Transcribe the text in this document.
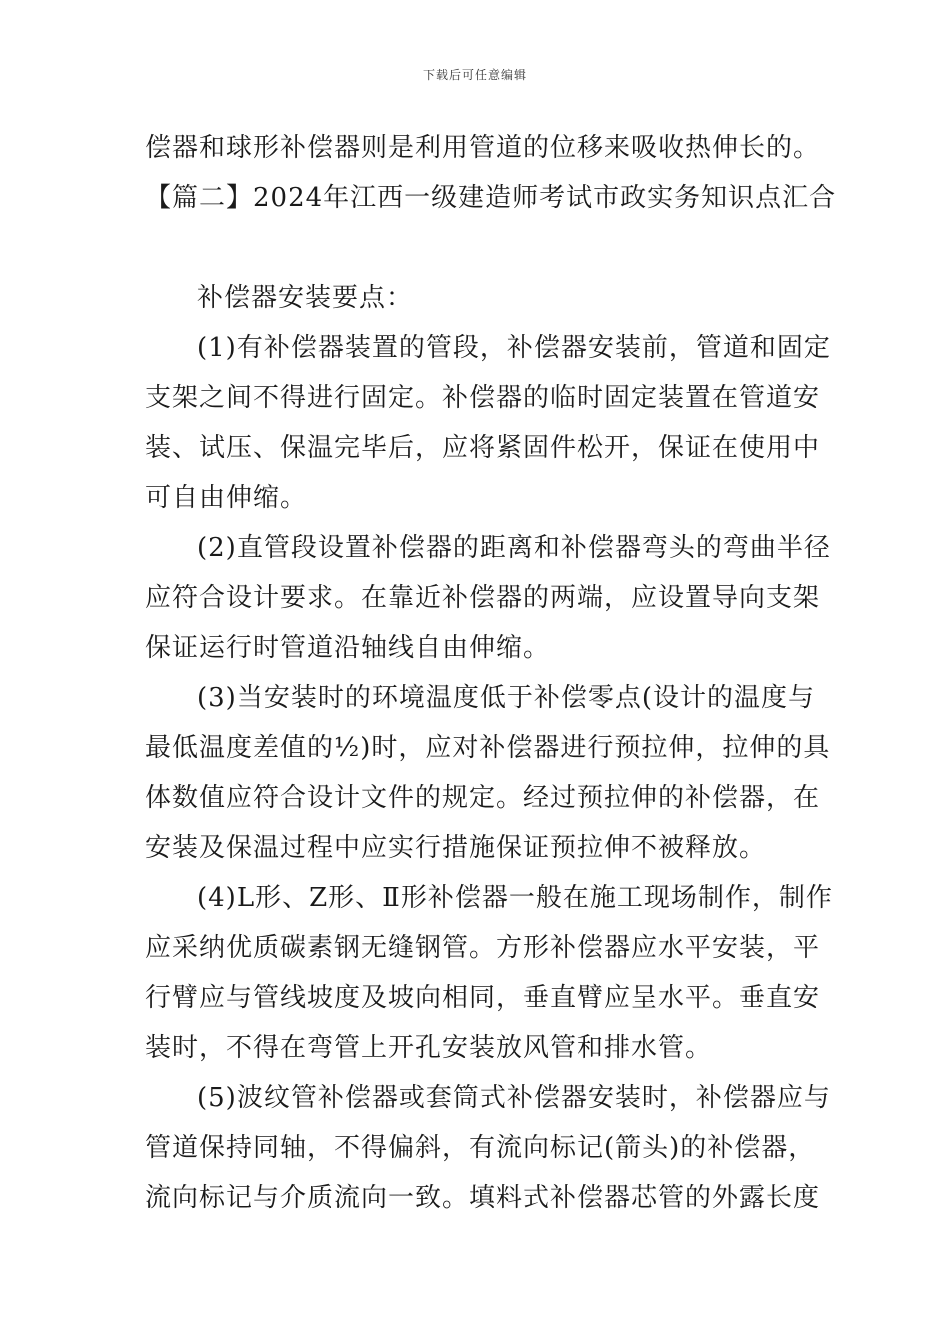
下载后可任意编辑
偿器和球形补偿器则是利用管道的位移来吸收热伸长的。
【篇二】2024年江西一级建造师考试市政实务知识点汇合
补偿器安装要点：
(1)有补偿器装置的管段，补偿器安装前，管道和固定
支架之间不得进行固定。补偿器的临时固定装置在管道安
装、试压、保温完毕后，应将紧固件松开，保证在使用中
可自由伸缩。
(2)直管段设置补偿器的距离和补偿器弯头的弯曲半径
应符合设计要求。在靠近补偿器的两端，应设置导向支架
保证运行时管道沿轴线自由伸缩。
(3)当安装时的环境温度低于补偿零点(设计的温度与
最低温度差值的½)时，应对补偿器进行预拉伸，拉伸的具
体数值应符合设计文件的规定。经过预拉伸的补偿器，在
安装及保温过程中应实行措施保证预拉伸不被释放。
(4)L形、Z形、Ⅱ形补偿器一般在施工现场制作，制作
应采纳优质碳素钢无缝钢管。方形补偿器应水平安装，平
行臂应与管线坡度及坡向相同，垂直臂应呈水平。垂直安
装时，不得在弯管上开孔安装放风管和排水管。
(5)波纹管补偿器或套筒式补偿器安装时，补偿器应与
管道保持同轴，不得偏斜，有流向标记(箭头)的补偿器，
流向标记与介质流向一致。填料式补偿器芯管的外露长度
